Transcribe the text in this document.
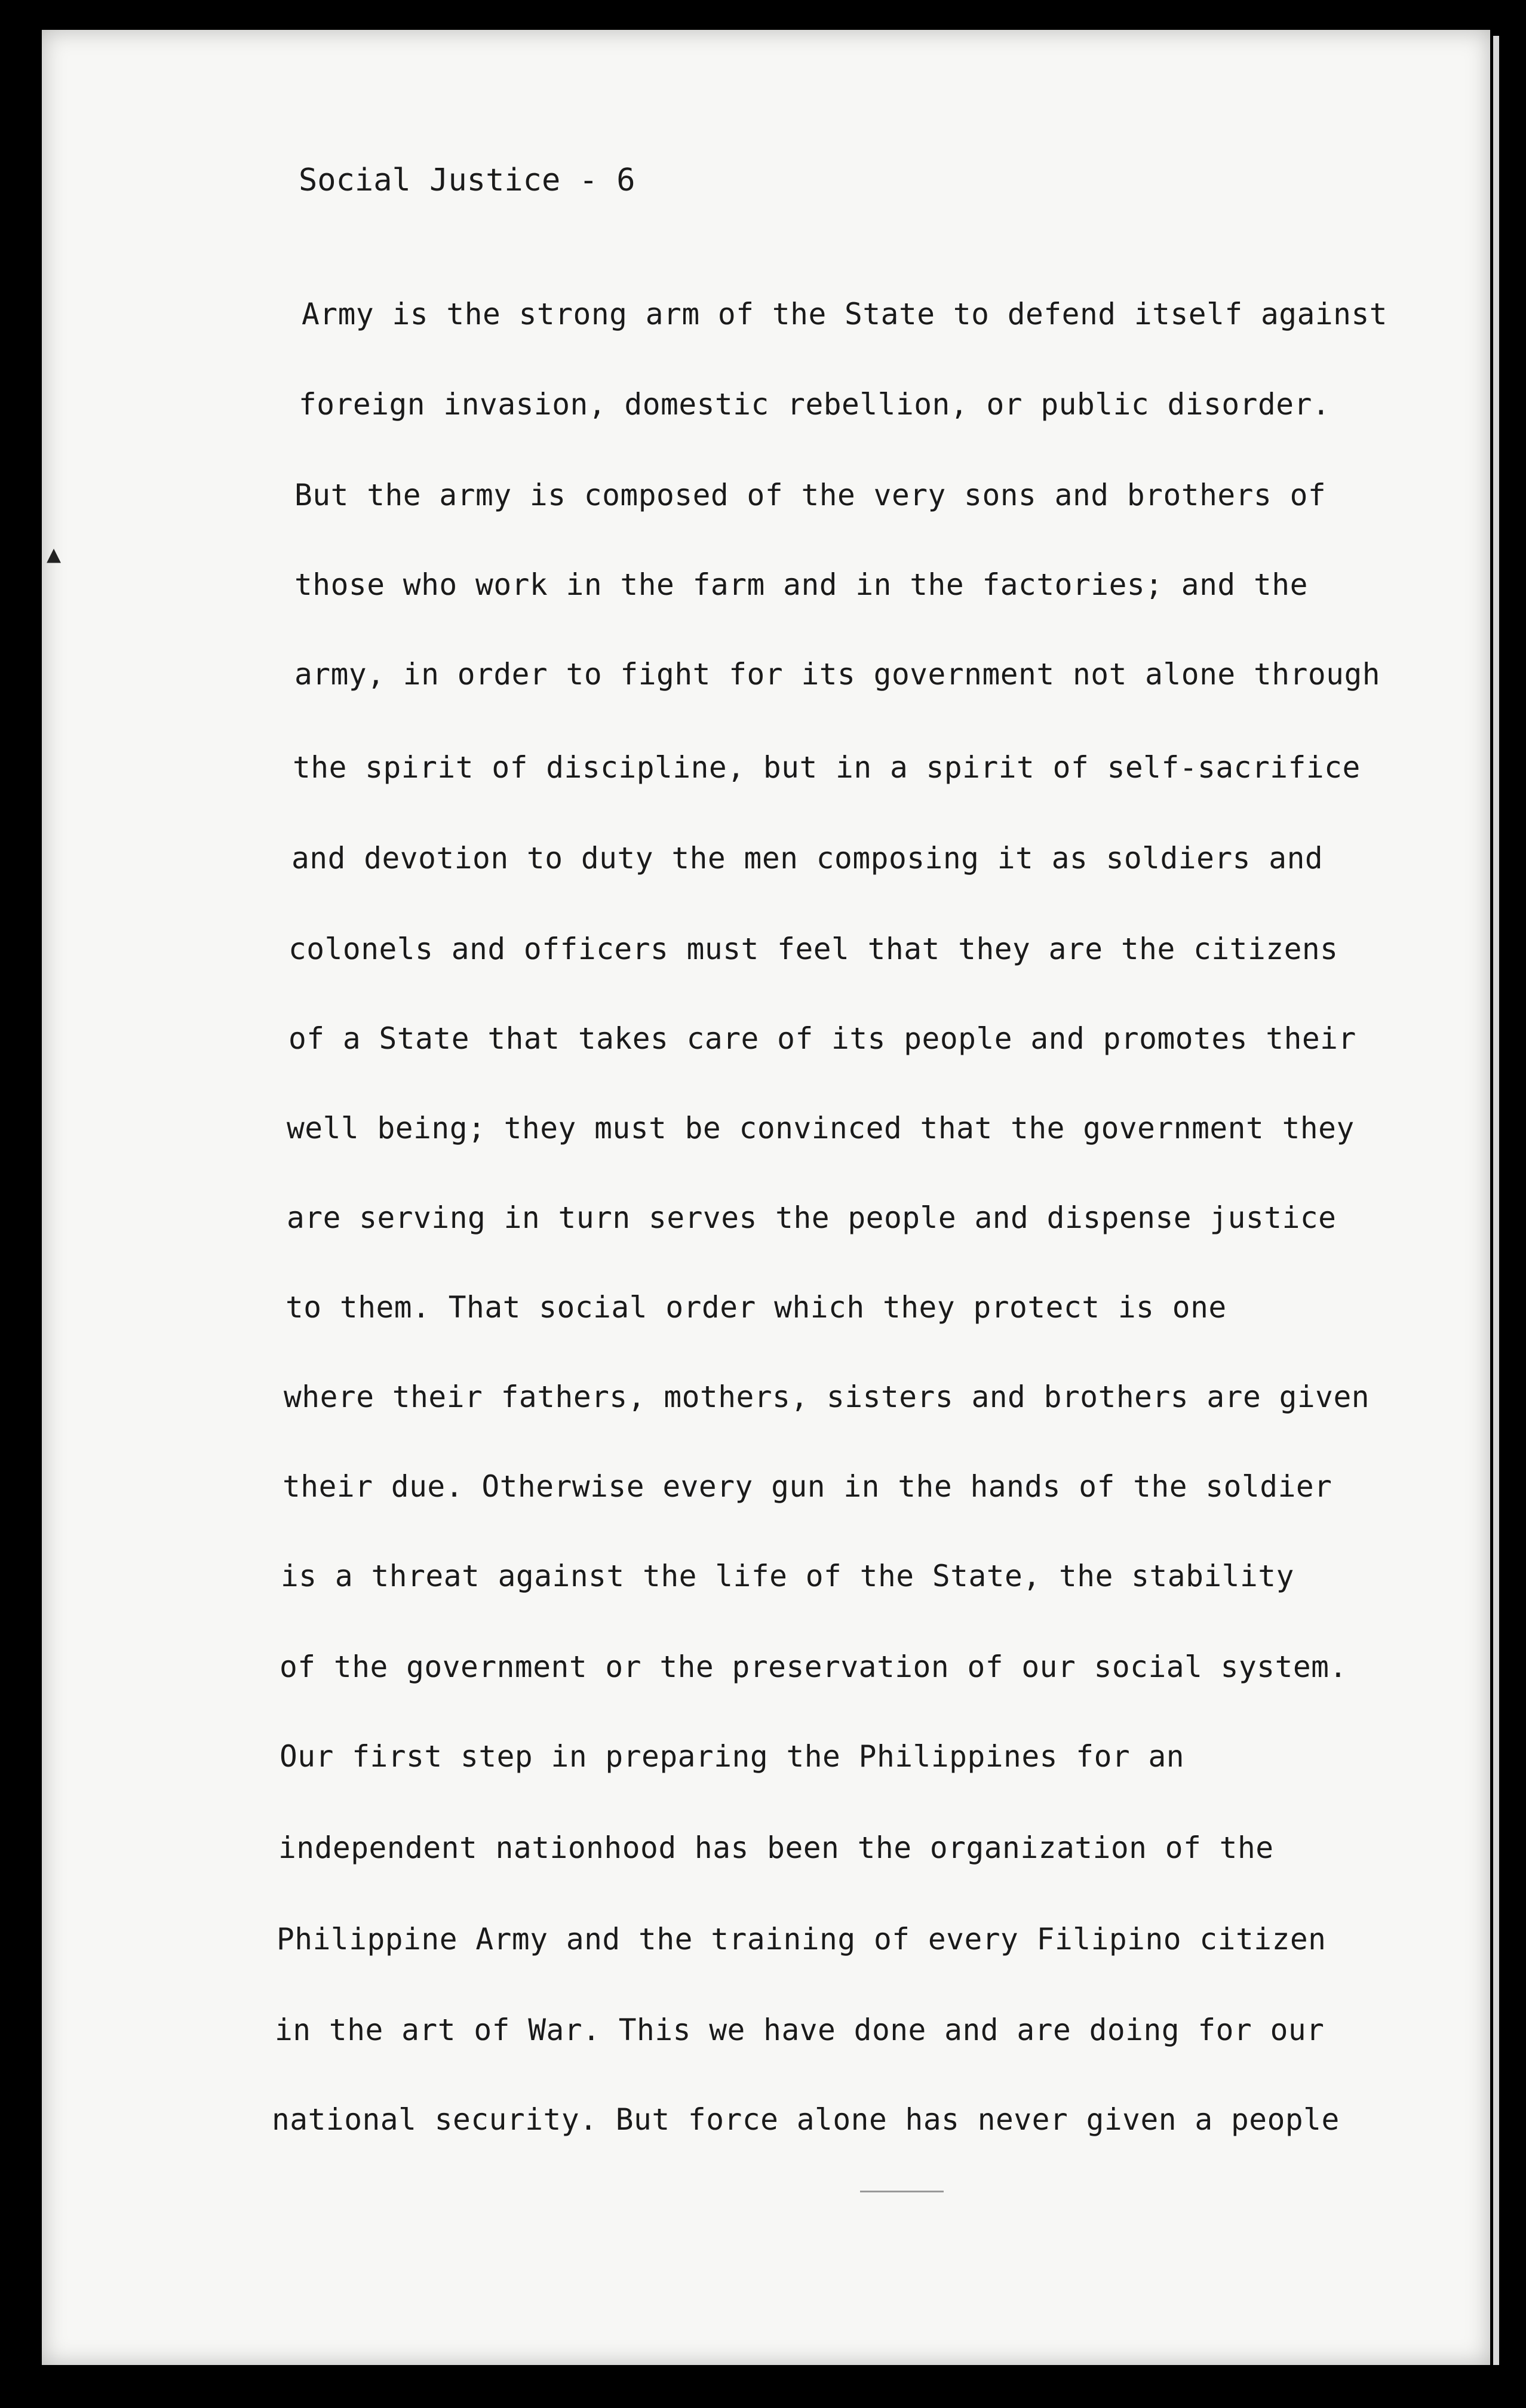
Social Justice - 6
▲
Army is the strong arm of the State to defend itself against
foreign invasion, domestic rebellion, or public disorder.
But the army is composed of the very sons and brothers of
those who work in the farm and in the factories; and the
army, in order to fight for its government not alone through
the spirit of discipline, but in a spirit of self-sacrifice
and devotion to duty the men composing it as soldiers and
colonels and officers must feel that they are the citizens
of a State that takes care of its people and promotes their
well being; they must be convinced that the government they
are serving in turn serves the people and dispense justice
to them. That social order which they protect is one
where their fathers, mothers, sisters and brothers are given
their due. Otherwise every gun in the hands of the soldier
is a threat against the life of the State, the stability
of the government or the preservation of our social system.
Our first step in preparing the Philippines for an
independent nationhood has been the organization of the
Philippine Army and the training of every Filipino citizen
in the art of War. This we have done and are doing for our
national security. But force alone has never given a people
